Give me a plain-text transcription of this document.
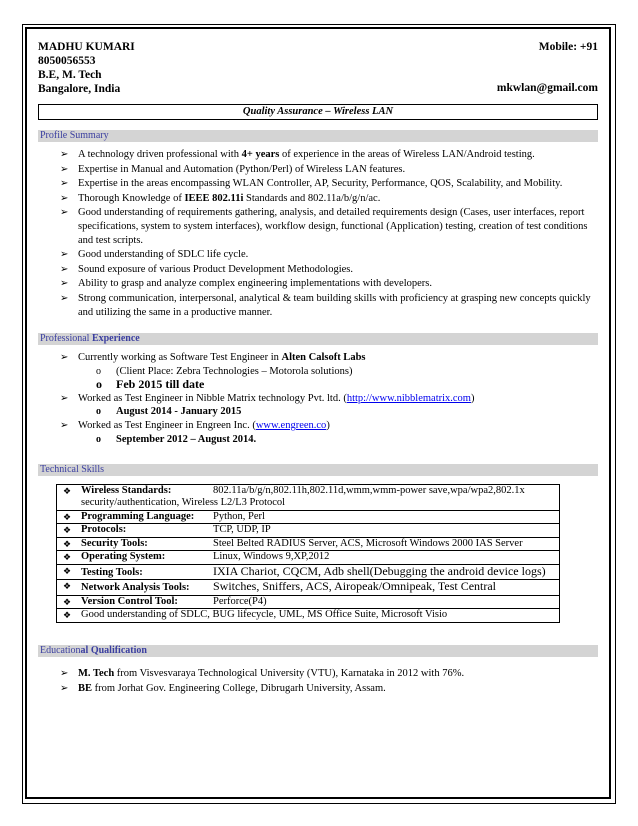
MADHU KUMARI
8050056553
B.E, M. Tech
Bangalore, India
Mobile: +91
mkwlan@gmail.com
Quality Assurance – Wireless LAN
Profile Summary
➢ A technology driven professional with 4+ years of experience in the areas of Wireless LAN/Android testing.
➢ Expertise in Manual and Automation (Python/Perl) of Wireless LAN features.
➢ Expertise in the areas encompassing WLAN Controller, AP, Security, Performance, QOS, Scalability, and Mobility.
➢ Thorough Knowledge of IEEE 802.11i Standards and 802.11a/b/g/n/ac.
➢ Good understanding of requirements gathering, analysis, and detailed requirements design (Cases, user interfaces, report specifications, system to system interfaces), workflow design, functional (Application) testing, creation of test conditions and test scripts.
➢ Good understanding of SDLC life cycle.
➢ Sound exposure of various Product Development Methodologies.
➢ Ability to grasp and analyze complex engineering implementations with developers.
➢ Strong communication, interpersonal, analytical & team building skills with proficiency at grasping new concepts quickly and utilizing the same in a productive manner.
Professional Experience
➢ Currently working as Software Test Engineer in Alten Calsoft Labs
o (Client Place: Zebra Technologies – Motorola solutions)
o Feb 2015 till date
➢ Worked as Test Engineer in Nibble Matrix technology Pvt. ltd. (http://www.nibblematrix.com)
o August 2014 - January 2015
➢ Worked as Test Engineer in Engreen Inc. (www.engreen.co)
o September 2012 – August 2014.
Technical Skills
❖ Wireless Standards:	802.11a/b/g/n,802.11h,802.11d,wmm,wmm-power save,wpa/wpa2,802.1x security/authentication, Wireless L2/L3 Protocol
❖ Programming Language: Python, Perl
❖ Protocols:	TCP, UDP, IP
❖ Security Tools:	Steel Belted RADIUS Server, ACS, Microsoft Windows 2000 IAS Server
❖ Operating System:	Linux, Windows 9,XP,2012
❖ Testing Tools:	IXIA Chariot, CQCM, Adb shell(Debugging the android device logs)
❖ Network Analysis Tools: Switches, Sniffers, ACS, Airopeak/Omnipeak, Test Central
❖ Version Control Tool:	Perforce(P4)
❖ Good understanding of SDLC, BUG lifecycle, UML, MS Office Suite, Microsoft Visio
Educational Qualification
➢ M. Tech from Visvesvaraya Technological University (VTU), Karnataka in 2012 with 76%.
➢ BE from Jorhat Gov. Engineering College, Dibrugarh University, Assam.
